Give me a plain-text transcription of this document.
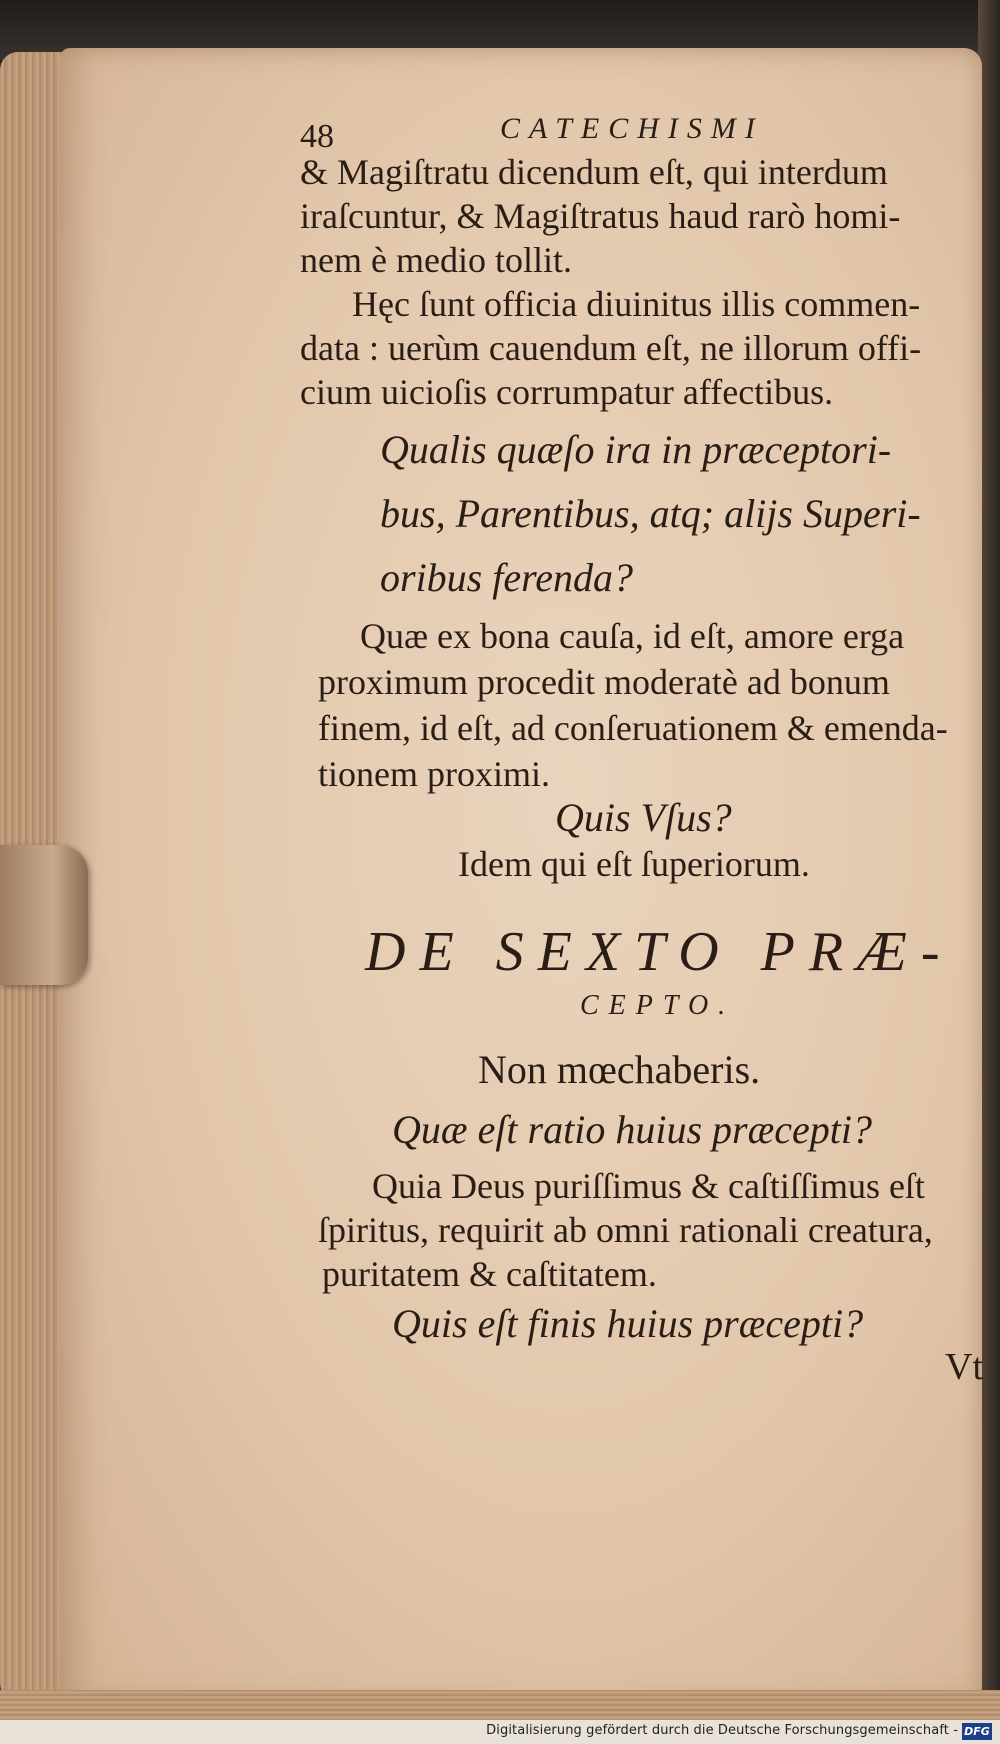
48	CATECHISMI
& Magiſtratu dicendum eſt, qui interdum
iraſcuntur, & Magiſtratus haud rarò homi-
nem è medio tollit.
Hęc ſunt officia diuinitus illis commen-
data : uerùm cauendum eſt, ne illorum offi-
cium uicioſis corrumpatur affectibus.
Qualis quæſo ira in præceptori-
bus, Parentibus, atq; alijs Superi-
oribus ferenda?
Quæ ex bona cauſa, id eſt, amore erga
proximum procedit moderatè ad bonum
finem, id eſt, ad conſeruationem & emenda-
tionem proximi.
Quis Vſus?
Idem qui eſt ſuperiorum.
DE SEXTO PRÆ-
CEPTO.
Non mœchaberis.
Quæ eſt ratio huius præcepti?
Quia Deus puriſſimus & caſtiſſimus eſt
ſpiritus, requirit ab omni rationali creatura,
puritatem & caſtitatem.
Quis eſt finis huius præcepti?
Vt
Digitalisierung gefördert durch die Deutsche Forschungsgemeinschaft - DFG
